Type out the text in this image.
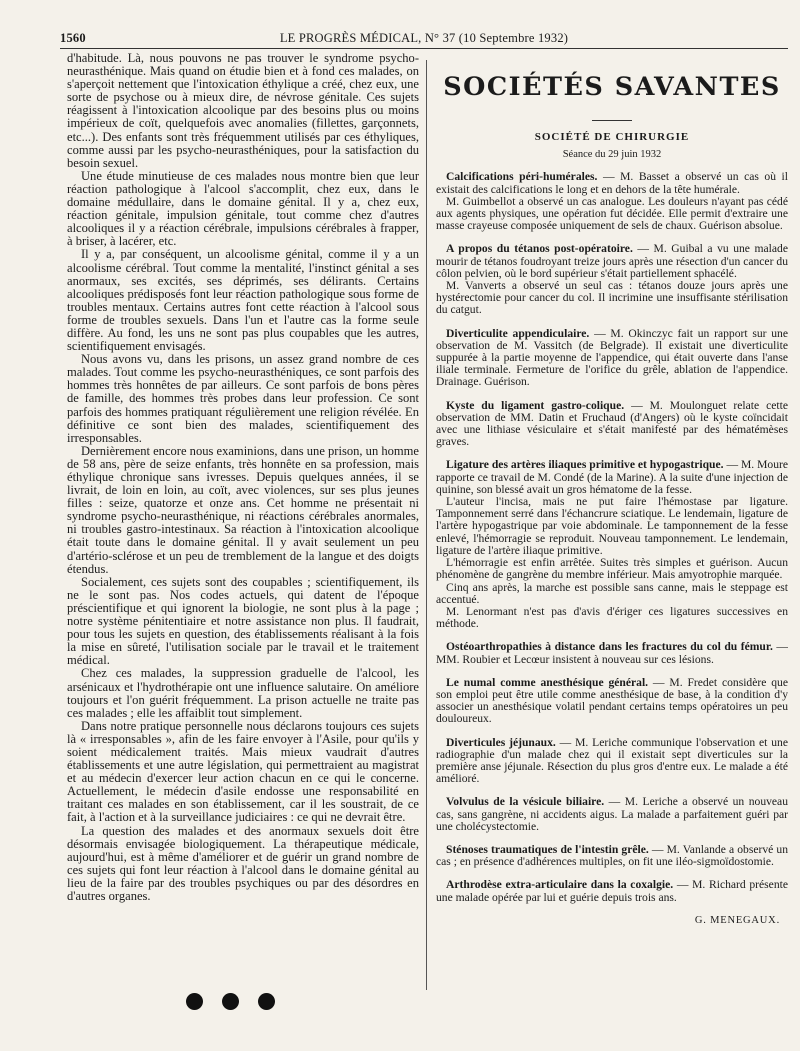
1560	LE PROGRÈS MÉDICAL, N° 37 (10 Septembre 1932)

d'habitude. Là, nous pouvons ne pas trouver le syndrome psycho-neurasthénique. Mais quand on étudie bien et à fond ces malades, on s'aperçoit nettement que l'intoxication éthylique a créé, chez eux, une sorte de psychose ou à mieux dire, de névrose génitale. Ces sujets réagissent à l'intoxication alcoolique par des besoins plus ou moins impérieux de coït, quelquefois avec anomalies (fillettes, garçonnets, etc...). Des enfants sont très fréquemment utilisés par ces éthyliques, comme aussi par les psycho-neurasthéniques, pour la satisfaction du besoin sexuel.

Une étude minutieuse de ces malades nous montre bien que leur réaction pathologique à l'alcool s'accomplit, chez eux, dans le domaine médullaire, dans le domaine génital. Il y a, chez eux, réaction génitale, impulsion génitale, tout comme chez d'autres alcooliques il y a réaction cérébrale, impulsions cérébrales à frapper, à briser, à lacérer, etc.

Il y a, par conséquent, un alcoolisme génital, comme il y a un alcoolisme cérébral. Tout comme la mentalité, l'instinct génital a ses anormaux, ses excités, ses déprimés, ses délirants. Certains alcooliques prédisposés font leur réaction pathologique sous forme de troubles mentaux. Certains autres font cette réaction à l'alcool sous forme de troubles sexuels. Dans l'un et l'autre cas la forme seule diffère. Au fond, les uns ne sont pas plus coupables que les autres, scientifiquement envisagés.

Nous avons vu, dans les prisons, un assez grand nombre de ces malades. Tout comme les psycho-neurasthéniques, ce sont parfois des hommes très honnêtes de par ailleurs. Ce sont parfois de bons pères de famille, des hommes très probes dans leur profession. Ce sont parfois des hommes pratiquant régulièrement une religion révélée. En définitive ce sont bien des malades, scientifiquement des irresponsables.

Dernièrement encore nous examinions, dans une prison, un homme de 58 ans, père de seize enfants, très honnête en sa profession, mais éthylique chronique sans ivresses. Depuis quelques années, il se livrait, de loin en loin, au coït, avec violences, sur ses plus jeunes filles : seize, quatorze et onze ans. Cet homme ne présentait ni syndrome psycho-neurasthénique, ni réactions cérébrales anormales, ni troubles gastro-intestinaux. Sa réaction à l'intoxication alcoolique était toute dans le domaine génital. Il y avait seulement un peu d'artério-sclérose et un peu de tremblement de la langue et des doigts étendus.

Socialement, ces sujets sont des coupables ; scientifiquement, ils ne le sont pas. Nos codes actuels, qui datent de l'époque préscientifique et qui ignorent la biologie, ne sont plus à la page ; notre système pénitentiaire et notre assistance non plus. Il faudrait, pour tous les sujets en question, des établissements réalisant à la fois la mise en sûreté, l'utilisation sociale par le travail et le traitement médical.

Chez ces malades, la suppression graduelle de l'alcool, les arsénicaux et l'hydrothérapie ont une influence salutaire. On améliore toujours et l'on guérit fréquemment. La prison actuelle ne traite pas ces malades ; elle les affaiblit tout simplement.

Dans notre pratique personnelle nous déclarons toujours ces sujets là « irresponsables », afin de les faire envoyer à l'Asile, pour qu'ils y soient médicalement traités. Mais mieux vaudrait d'autres établissements et une autre législation, qui permettraient au magistrat et au médecin d'exercer leur action chacun en ce qui le concerne. Actuellement, le médecin d'asile endosse une responsabilité en traitant ces malades en son établissement, car il les soustrait, de ce fait, à l'action et à la surveillance judiciaires : ce qui ne devrait être.

La question des malades et des anormaux sexuels doit être désormais envisagée biologiquement. La thérapeutique médicale, aujourd'hui, est à même d'améliorer et de guérir un grand nombre de ces sujets qui font leur réaction à l'alcool dans le domaine génital au lieu de la faire par des troubles psychiques ou par des désordres en d'autres organes.

SOCIÉTÉS SAVANTES
SOCIÉTÉ DE CHIRURGIE
Séance du 29 juin 1932

Calcifications péri-humérales. — M. Basset a observé un cas où il existait des calcifications le long et en dehors de la tête humérale.

M. Guimbellot a observé un cas analogue. Les douleurs n'ayant pas cédé aux agents physiques, une opération fut décidée. Elle permit d'extraire une masse crayeuse composée uniquement de sels de chaux. Guérison absolue.

A propos du tétanos post-opératoire. — M. Guibal a vu une malade mourir de tétanos foudroyant treize jours après une résection d'un cancer du côlon pelvien, où le bord supérieur s'était partiellement sphacélé.

M. Vanverts a observé un seul cas : tétanos douze jours après une hystérectomie pour cancer du col. Il incrimine une insuffisante stérilisation du catgut.

Diverticulite appendiculaire. — M. Okinczyc fait un rapport sur une observation de M. Vassitch (de Belgrade). Il existait une diverticulite suppurée à la partie moyenne de l'appendice, qui était ouverte dans l'anse iliale terminale. Fermeture de l'orifice du grêle, ablation de l'appendice. Drainage. Guérison.

Kyste du ligament gastro-colique. — M. Moulonguet relate cette observation de MM. Datin et Fruchaud (d'Angers) où le kyste coïncidait avec une lithiase vésiculaire et s'était manifesté par des hématémèses graves.

Ligature des artères iliaques primitive et hypogastrique. — M. Moure rapporte ce travail de M. Condé (de la Marine). A la suite d'une injection de quinine, son blessé avait un gros hématome de la fesse.

L'auteur l'incisa, mais ne put faire l'hémostase par ligature. Tamponnement serré dans l'échancrure sciatique. Le lendemain, ligature de l'artère hypogastrique par voie abdominale. Le tamponnement de la fesse enlevé, l'hémorragie se reproduit. Nouveau tamponnement. Le lendemain, ligature de l'artère iliaque primitive.

L'hémorragie est enfin arrêtée. Suites très simples et guérison. Aucun phénomène de gangrène du membre inférieur. Mais amyotrophie marquée.

Cinq ans après, la marche est possible sans canne, mais le steppage est accentué.

M. Lenormant n'est pas d'avis d'ériger ces ligatures successives en méthode.

Ostéoarthropathies à distance dans les fractures du col du fémur. — MM. Roubier et Lecœur insistent à nouveau sur ces lésions.

Le numal comme anesthésique général. — M. Fredet considère que son emploi peut être utile comme anesthésique de base, à la condition d'y associer un anesthésique volatil pendant certains temps opératoires un peu douloureux.

Diverticules jéjunaux. — M. Leriche communique l'observation et une radiographie d'un malade chez qui il existait sept diverticules sur la première anse jéjunale. Résection du plus gros d'entre eux. Le malade a été amélioré.

Volvulus de la vésicule biliaire. — M. Leriche a observé un nouveau cas, sans gangrène, ni accidents aigus. La malade a parfaitement guéri par une cholécystectomie.

Sténoses traumatiques de l'intestin grêle. — M. Vanlande a observé un cas ; en présence d'adhérences multiples, on fit une iléo-sigmoïdostomie.

Arthrodèse extra-articulaire dans la coxalgie. — M. Richard présente une malade opérée par lui et guérie depuis trois ans.

G. MENEGAUX.
